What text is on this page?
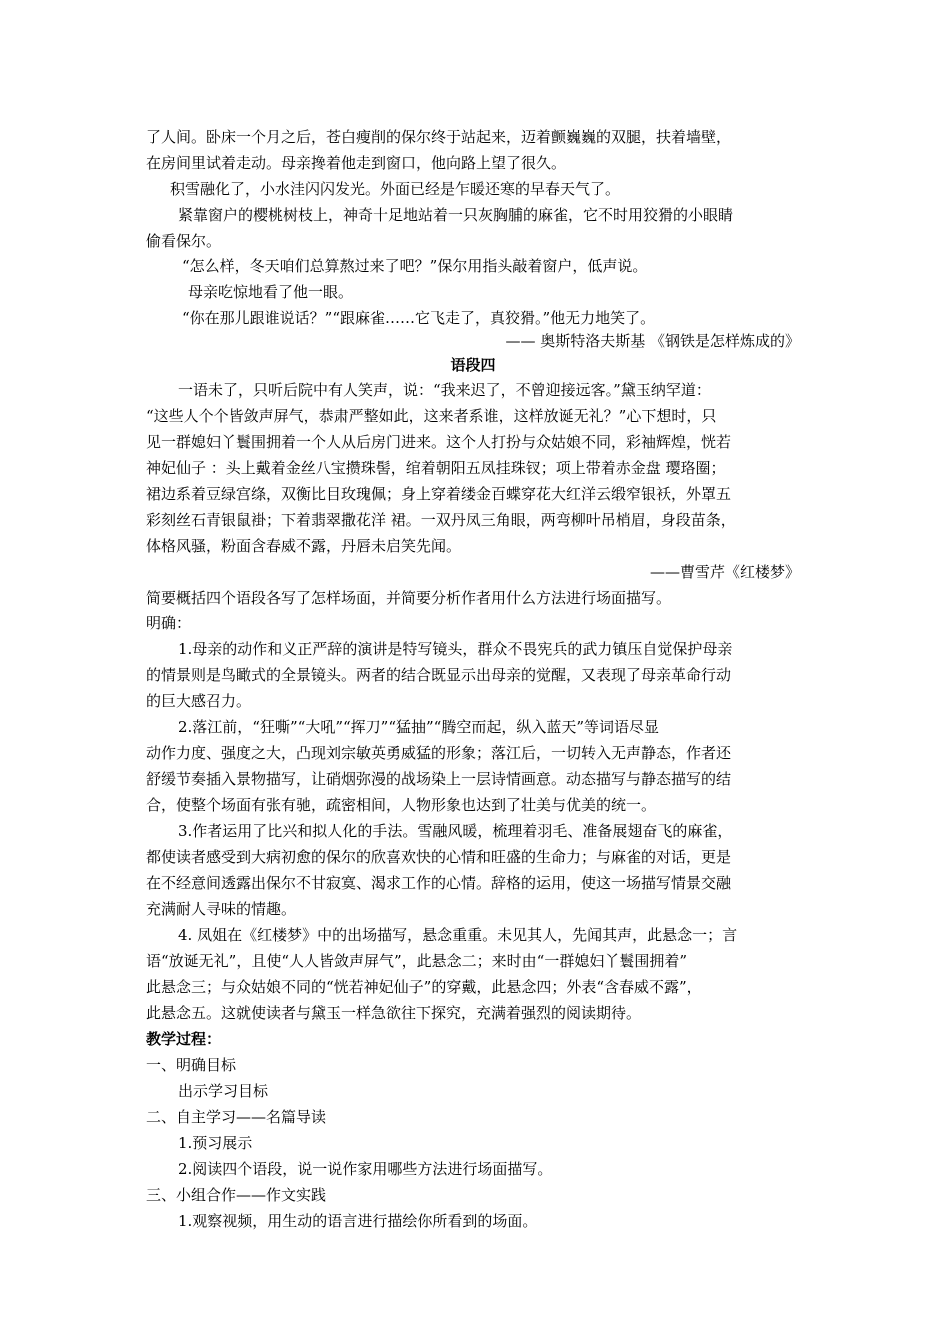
了人间。卧床一个月之后，苍白瘦削的保尔终于站起来，迈着颤巍巍的双腿，扶着墙壁，
在房间里试着走动。母亲搀着他走到窗口，他向路上望了很久。
积雪融化了，小水洼闪闪发光。外面已经是乍暖还寒的早春天气了。
紧靠窗户的樱桃树枝上，神奇十足地站着一只灰胸脯的麻雀，它不时用狡猾的小眼睛
偷看保尔。
“怎么样，冬天咱们总算熬过来了吧？”保尔用指头敲着窗户，低声说。
母亲吃惊地看了他一眼。
“你在那儿跟谁说话？”“跟麻雀……它飞走了，真狡猾。”他无力地笑了。
—— 奥斯特洛夫斯基 《钢铁是怎样炼成的》
语段四
一语未了，只听后院中有人笑声，说：“我来迟了，不曾迎接远客。”黛玉纳罕道：
“这些人个个皆敛声屏气，恭肃严整如此，这来者系谁，这样放诞无礼？”心下想时，只
见一群媳妇丫鬟围拥着一个人从后房门进来。这个人打扮与众姑娘不同，彩袖辉煌，恍若
神妃仙子 ：头上戴着金丝八宝攒珠髻，绾着朝阳五凤挂珠钗；项上带着赤金盘 璎珞圈；
裙边系着豆绿宫绦，双衡比目玫瑰佩；身上穿着缕金百蝶穿花大红洋云缎窄银袄，外罩五
彩刻丝石青银鼠褂；下着翡翠撒花洋 裙。一双丹凤三角眼，两弯柳叶吊梢眉，身段苗条，
体格风骚，粉面含春威不露，丹唇未启笑先闻。
——曹雪芹《红楼梦》
简要概括四个语段各写了怎样场面，并简要分析作者用什么方法进行场面描写。
明确：
1.母亲的动作和义正严辞的演讲是特写镜头，群众不畏宪兵的武力镇压自觉保护母亲
的情景则是鸟瞰式的全景镜头。两者的结合既显示出母亲的觉醒，又表现了母亲革命行动
的巨大感召力。
2.落江前，“狂嘶”“大吼”“挥刀”“猛抽”“腾空而起，纵入蓝天”等词语尽显
动作力度、强度之大，凸现刘宗敏英勇威猛的形象；落江后，一切转入无声静态，作者还
舒缓节奏插入景物描写，让硝烟弥漫的战场染上一层诗情画意。动态描写与静态描写的结
合，使整个场面有张有驰，疏密相间，人物形象也达到了壮美与优美的统一。
3.作者运用了比兴和拟人化的手法。雪融风暖，梳理着羽毛、准备展翅奋飞的麻雀，
都使读者感受到大病初愈的保尔的欣喜欢快的心情和旺盛的生命力；与麻雀的对话，更是
在不经意间透露出保尔不甘寂寞、渴求工作的心情。辞格的运用，使这一场描写情景交融
充满耐人寻味的情趣。
4. 凤姐在《红楼梦》中的出场描写，悬念重重。未见其人，先闻其声，此悬念一；言
语“放诞无礼”，且使“人人皆敛声屏气”，此悬念二；来时由“一群媳妇丫鬟围拥着”
此悬念三；与众姑娘不同的“恍若神妃仙子”的穿戴，此悬念四；外表“含春威不露”，
此悬念五。这就使读者与黛玉一样急欲往下探究，充满着强烈的阅读期待。
教学过程：
一、明确目标
出示学习目标
二、自主学习——名篇导读
1.预习展示
2.阅读四个语段，说一说作家用哪些方法进行场面描写。
三、小组合作——作文实践
1.观察视频，用生动的语言进行描绘你所看到的场面。
